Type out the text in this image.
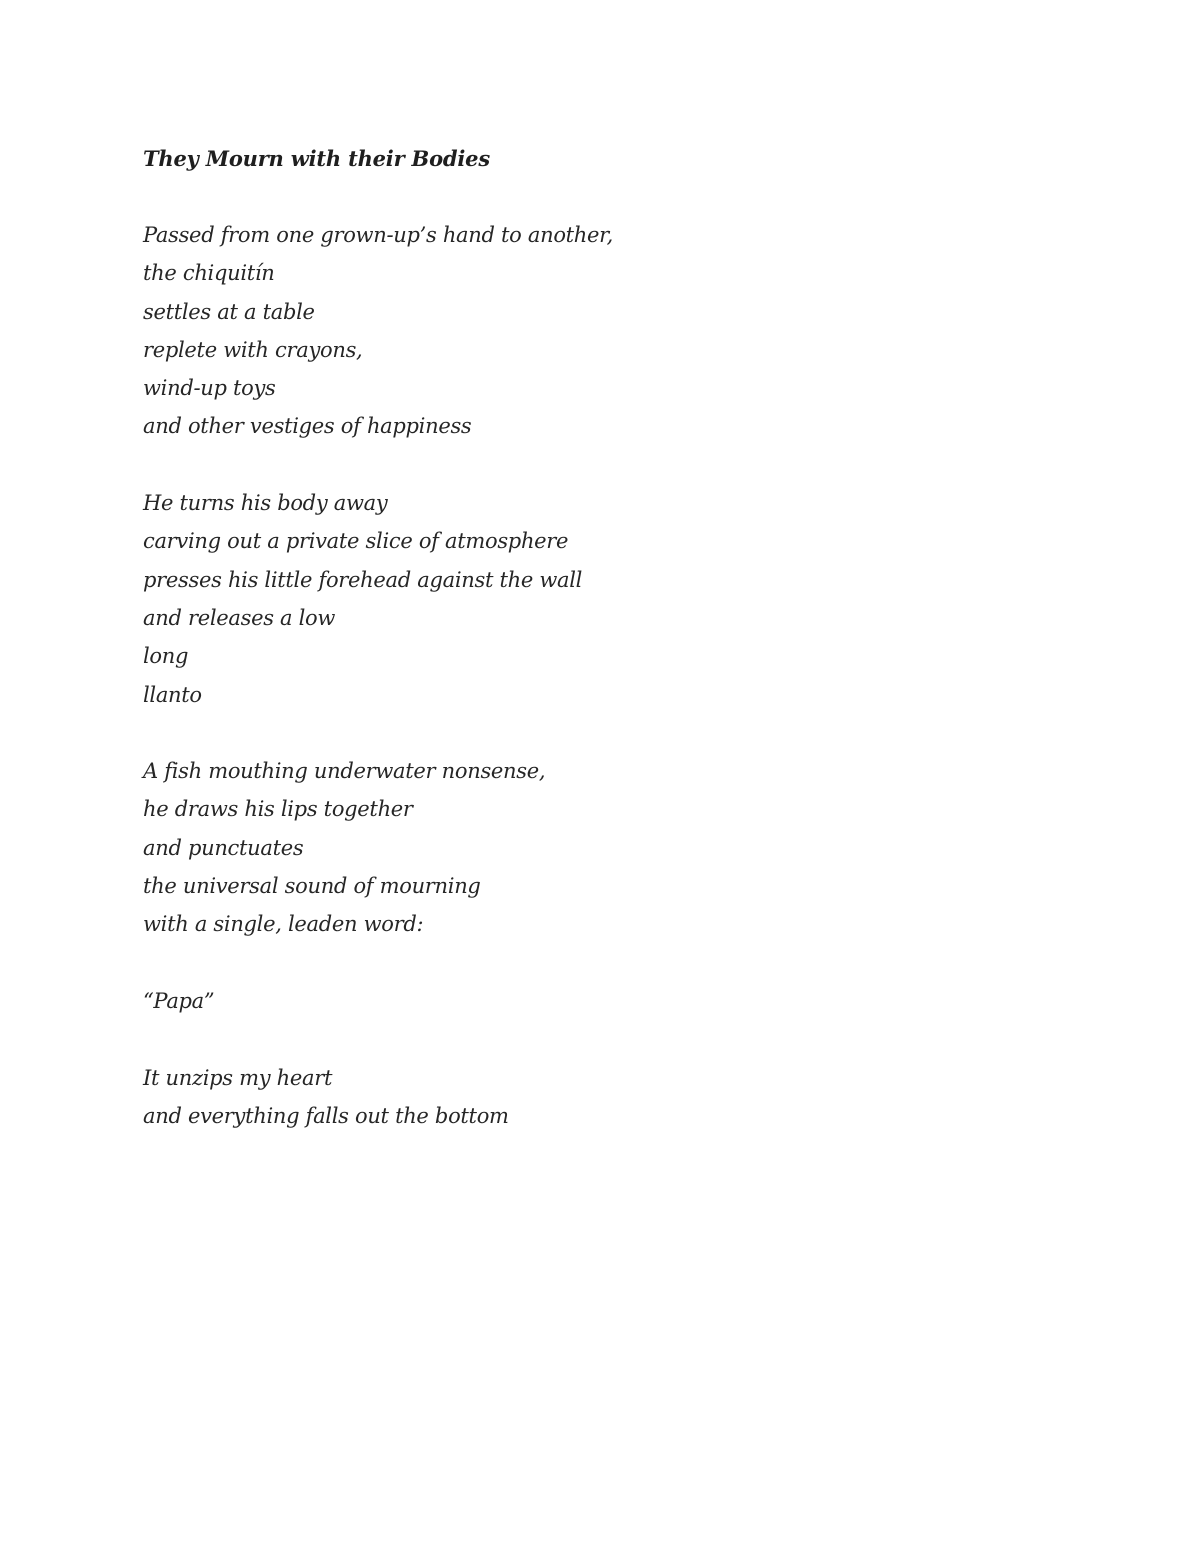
They Mourn with their Bodies
Passed from one grown-up’s hand to another,
the chiquitín
settles at a table
replete with crayons,
wind-up toys
and other vestiges of happiness
He turns his body away
carving out a private slice of atmosphere
presses his little forehead against the wall
and releases a low
long
llanto
A fish mouthing underwater nonsense,
he draws his lips together
and punctuates
the universal sound of mourning
with a single, leaden word:
“Papa”
It unzips my heart
and everything falls out the bottom
